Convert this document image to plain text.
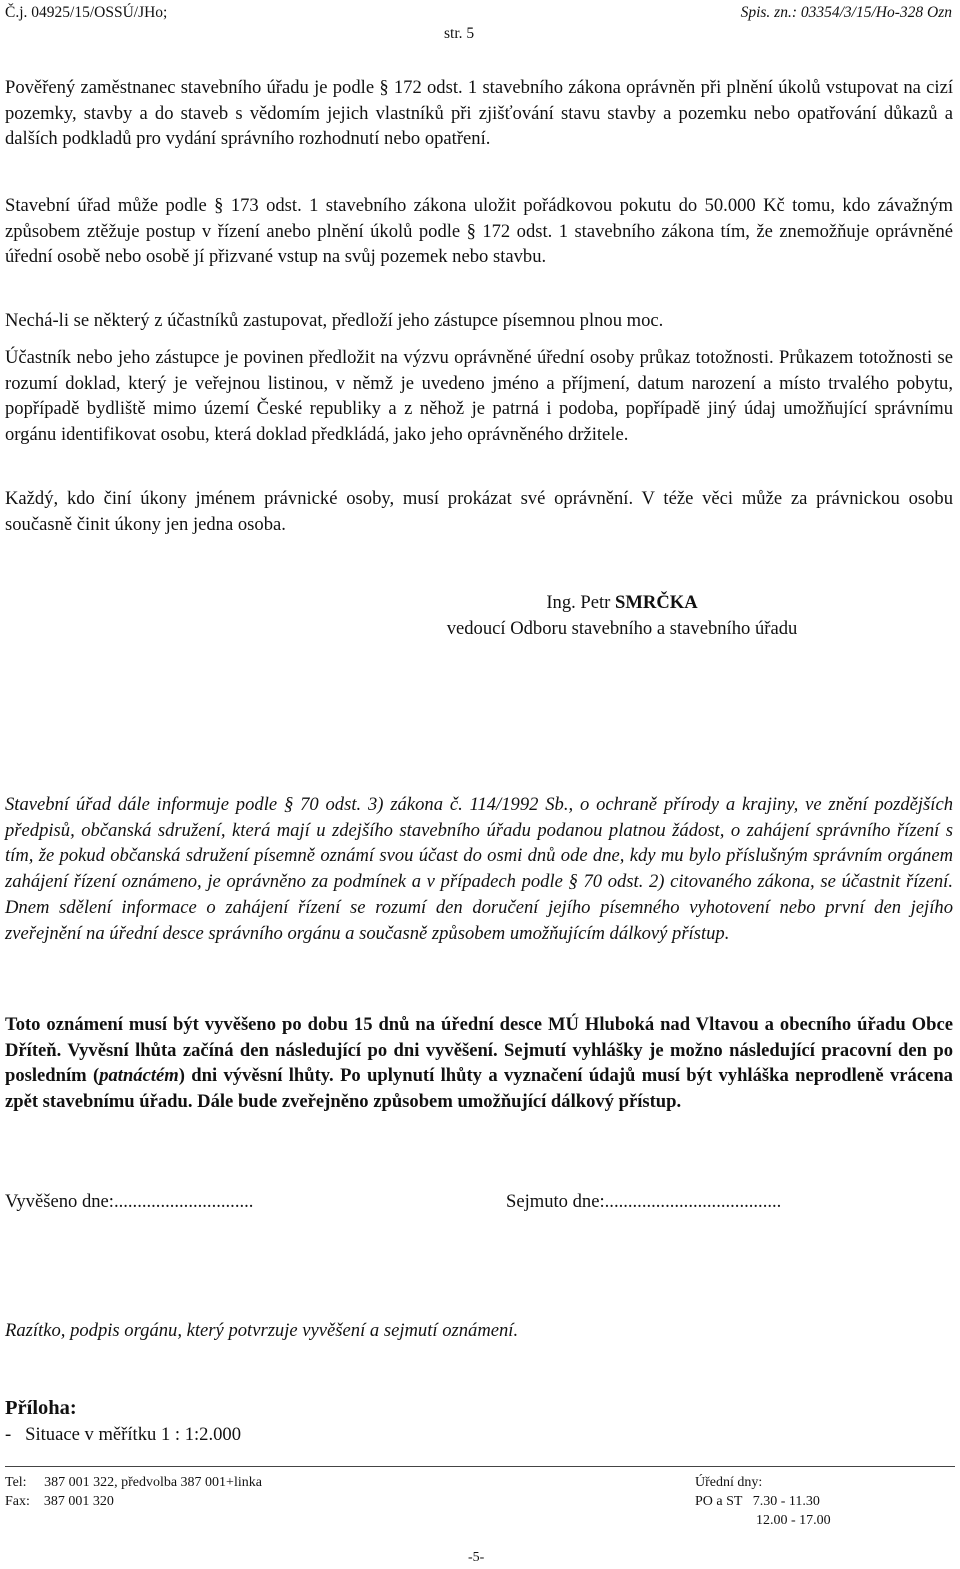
Č.j. 04925/15/OSSÚ/JHo;	Spis. zn.: 03354/3/15/Ho-328 Ozn
str. 5

Pověřený zaměstnanec stavebního úřadu je podle § 172 odst. 1 stavebního zákona oprávněn při plnění úkolů vstupovat na cizí pozemky, stavby a do staveb s vědomím jejich vlastníků při zjišťování stavu stavby a pozemku nebo opatřování důkazů a dalších podkladů pro vydání správního rozhodnutí nebo opatření.

Stavební úřad může podle § 173 odst. 1 stavebního zákona uložit pořádkovou pokutu do 50.000 Kč tomu, kdo závažným způsobem ztěžuje postup v řízení anebo plnění úkolů podle § 172 odst. 1 stavebního zákona tím, že znemožňuje oprávněné úřední osobě nebo osobě jí přizvané vstup na svůj pozemek nebo stavbu.

Nechá-li se některý z účastníků zastupovat, předloží jeho zástupce písemnou plnou moc.

Účastník nebo jeho zástupce je povinen předložit na výzvu oprávněné úřední osoby průkaz totožnosti. Průkazem totožnosti se rozumí doklad, který je veřejnou listinou, v němž je uvedeno jméno a příjmení, datum narození a místo trvalého pobytu, popřípadě bydliště mimo území České republiky a z něhož je patrná i podoba, popřípadě jiný údaj umožňující správnímu orgánu identifikovat osobu, která doklad předkládá, jako jeho oprávněného držitele.

Každý, kdo činí úkony jménem právnické osoby, musí prokázat své oprávnění. V téže věci může za právnickou osobu současně činit úkony jen jedna osoba.

Ing. Petr SMRČKA
vedoucí Odboru stavebního a stavebního úřadu

Stavební úřad dále informuje podle § 70 odst. 3) zákona č. 114/1992 Sb., o ochraně přírody a krajiny, ve znění pozdějších předpisů, občanská sdružení, která mají u zdejšího stavebního úřadu podanou platnou žádost, o zahájení správního řízení s tím, že pokud občanská sdružení písemně oznámí svou účast do osmi dnů ode dne, kdy mu bylo příslušným správním orgánem zahájení řízení oznámeno, je oprávněno za podmínek a v případech podle § 70 odst. 2) citovaného zákona, se účastnit řízení. Dnem sdělení informace o zahájení řízení se rozumí den doručení jejího písemného vyhotovení nebo první den jejího zveřejnění na úřední desce správního orgánu a současně způsobem umožňujícím dálkový přístup.

Toto oznámení musí být vyvěšeno po dobu 15 dnů na úřední desce MÚ Hluboká nad Vltavou a obecního úřadu Obce Dříteň. Vyvěsní lhůta začíná den následující po dni vyvěšení. Sejmutí vyhlášky je možno následující pracovní den po posledním (patnáctém) dni vývěsní lhůty. Po uplynutí lhůty a vyznačení údajů musí být vyhláška neprodleně vrácena zpět stavebnímu úřadu. Dále bude zveřejněno způsobem umožňující dálkový přístup.

Vyvěšeno dne:..............................	Sejmuto dne:......................................
Razítko, podpis orgánu, který potvrzuje vyvěšení a sejmutí oznámení.
Příloha:
-   Situace v měřítku 1 : 1:2.000
Tel:     387 001 322, předvolba 387 001+linka
Fax:    387 001 320
Úřední dny:
PO a ST   7.30 - 11.30
12.00 - 17.00
-5-
